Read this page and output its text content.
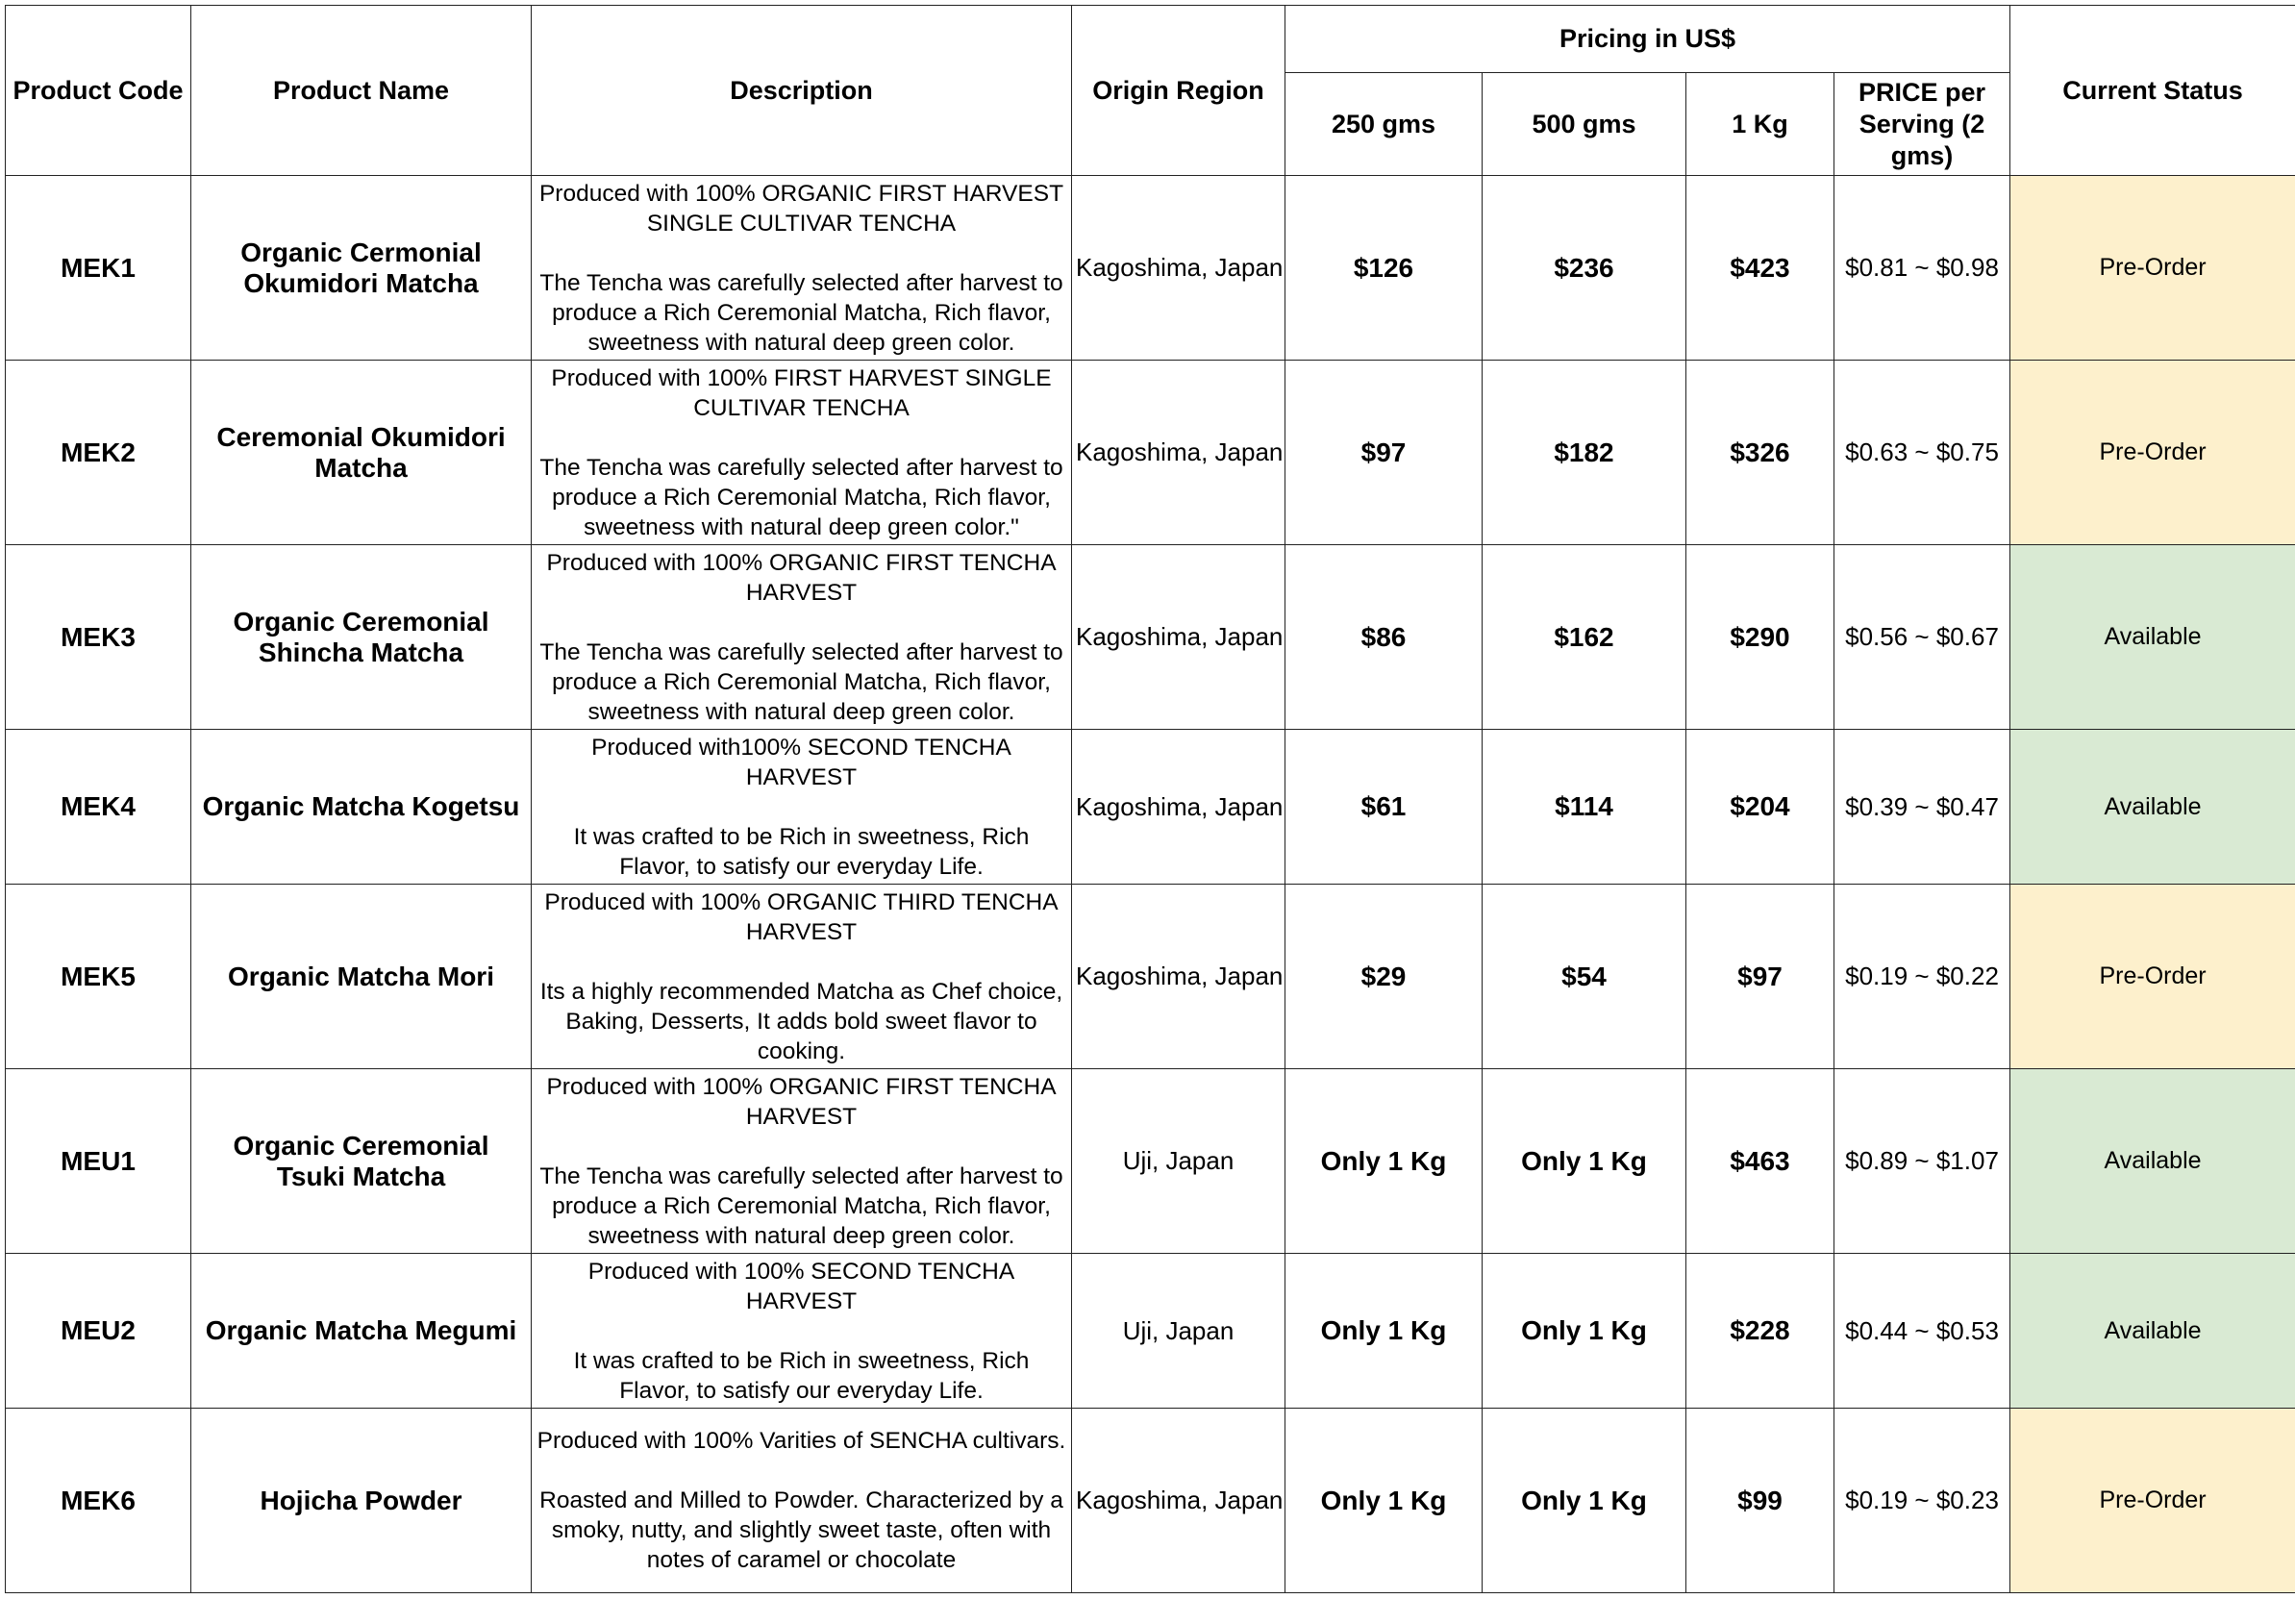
Product Code	Product Name	Description	Origin Region	Pricing in US$				Current Status
				250 gms	500 gms	1 Kg	PRICE per Serving (2 gms)	
MEK1	Organic Cermonial Okumidori Matcha	Produced with 100% ORGANIC FIRST HARVEST SINGLE CULTIVAR TENCHA

The Tencha was carefully selected after harvest to produce a Rich Ceremonial Matcha, Rich flavor, sweetness with natural deep green color.	Kagoshima, Japan	$126	$236	$423	$0.81 ~ $0.98	Pre-Order
MEK2	Ceremonial Okumidori Matcha	Produced with 100% FIRST HARVEST SINGLE CULTIVAR TENCHA

The Tencha was carefully selected after harvest to produce a Rich Ceremonial Matcha, Rich flavor, sweetness with natural deep green color."	Kagoshima, Japan	$97	$182	$326	$0.63 ~ $0.75	Pre-Order
MEK3	Organic Ceremonial Shincha Matcha	Produced with 100% ORGANIC FIRST TENCHA HARVEST

The Tencha was carefully selected after harvest to produce a Rich Ceremonial Matcha, Rich flavor, sweetness with natural deep green color.	Kagoshima, Japan	$86	$162	$290	$0.56 ~ $0.67	Available
MEK4	Organic Matcha Kogetsu	Produced with100% SECOND TENCHA HARVEST

It was crafted to be Rich in sweetness, Rich Flavor, to satisfy our everyday Life.	Kagoshima, Japan	$61	$114	$204	$0.39 ~ $0.47	Available
MEK5	Organic Matcha Mori	Produced with 100% ORGANIC THIRD TENCHA HARVEST

Its a highly recommended Matcha as Chef choice, Baking, Desserts, It adds bold sweet flavor to cooking.	Kagoshima, Japan	$29	$54	$97	$0.19 ~ $0.22	Pre-Order
MEU1	Organic Ceremonial Tsuki Matcha	Produced with 100% ORGANIC FIRST TENCHA HARVEST

The Tencha was carefully selected after harvest to produce a Rich Ceremonial Matcha, Rich flavor, sweetness with natural deep green color.	Uji, Japan	Only 1 Kg	Only 1 Kg	$463	$0.89 ~ $1.07	Available
MEU2	Organic Matcha Megumi	Produced with 100% SECOND TENCHA HARVEST

It was crafted to be Rich in sweetness, Rich Flavor, to satisfy our everyday Life.	Uji, Japan	Only 1 Kg	Only 1 Kg	$228	$0.44 ~ $0.53	Available
MEK6	Hojicha Powder	Produced with 100% Varities of SENCHA cultivars.

Roasted and Milled to Powder. Characterized by a smoky, nutty, and slightly sweet taste, often with notes of caramel or chocolate	Kagoshima, Japan	Only 1 Kg	Only 1 Kg	$99	$0.19 ~ $0.23	Pre-Order
